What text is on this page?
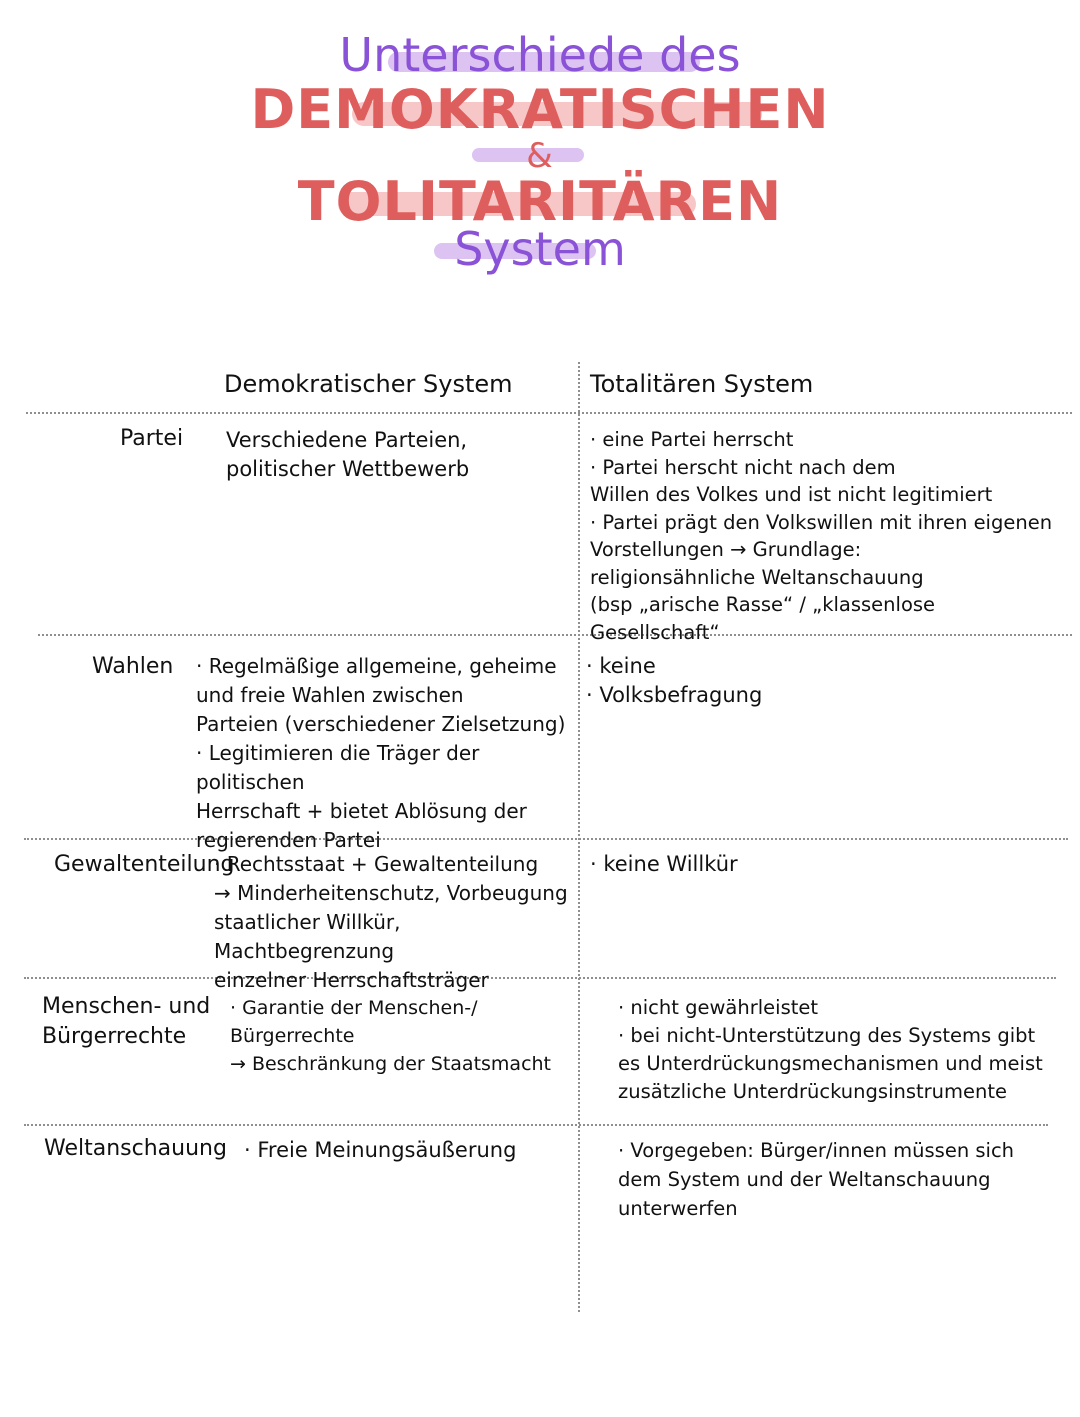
Unterschiede des
DEMOKRATISCHEN
&
TOLITARITÄREN
System
Demokratischer System	Totalitären System
Partei Verschiedene Parteien,
politischer Wettbewerb
· eine Partei herrscht
· Partei herscht nicht nach dem
Willen des Volkes und ist nicht legitimiert
· Partei prägt den Volkswillen mit ihren eigenen
Vorstellungen → Grundlage:
religionsähnliche Weltanschauung
(bsp „arische Rasse“ / „klassenlose Gesellschaft“
Wahlen · Regelmäßige allgemeine, geheime
und freie Wahlen zwischen
Parteien (verschiedener Zielsetzung)
· Legitimieren die Träger der politischen
Herrschaft + bietet Ablösung der
regierenden Partei
· keine
· Volksbefragung
Gewaltenteilung
· Rechtsstaat + Gewaltenteilung
→ Minderheitenschutz, Vorbeugung
staatlicher Willkür, Machtbegrenzung
einzelner Herrschaftsträger
· keine Willkür
Menschen- und
Bürgerrechte
· Garantie der Menschen-/ Bürgerrechte
→ Beschränkung der Staatsmacht
· nicht gewährleistet
· bei nicht-Unterstützung des Systems gibt
es Unterdrückungsmechanismen und meist
zusätzliche Unterdrückungsinstrumente
Weltanschauung · Freie Meinungsäußerung	· Vorgegeben: Bürger/innen müssen sich
dem System und der Weltanschauung
unterwerfen
